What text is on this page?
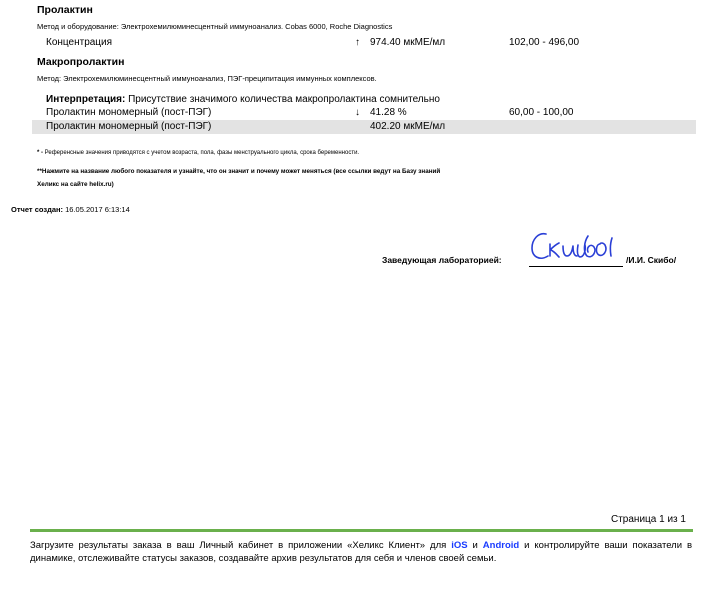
Пролактин
Метод и оборудование: Электрохемилюминесцентный иммуноанализ. Cobas 6000, Roche Diagnostics
Концентрация	↑ 974.40 мкМЕ/мл	102,00 - 496,00
Макропролактин
Метод: Электрохемилюминесцентный иммуноанализ, ПЭГ-преципитация иммунных комплексов.
Интерпретация: Присутствие значимого количества макропролактина сомнительно
Пролактин мономерный (пост-ПЭГ)	↓ 41.28 %	60,00 - 100,00
Пролактин мономерный (пост-ПЭГ)	402.20 мкМЕ/мл
* - Референсные значения приводятся с учетом возраста, пола, фазы менструального цикла, срока беременности.
**Нажмите на название любого показателя и узнайте, что он значит и почему может меняться (все ссылки ведут на Базу знаний
Хеликс на сайте helix.ru)
Отчет создан: 16.05.2017 6:13:14
Заведующая лабораторией:	/И.И. Скибо/
Страница 1 из 1
Загрузите результаты заказа в ваш Личный кабинет в приложении «Хеликс Клиент» для iOS и Android и контролируйте ваши показатели в динамике, отслеживайте статусы заказов, создавайте архив результатов для себя и членов своей семьи.
